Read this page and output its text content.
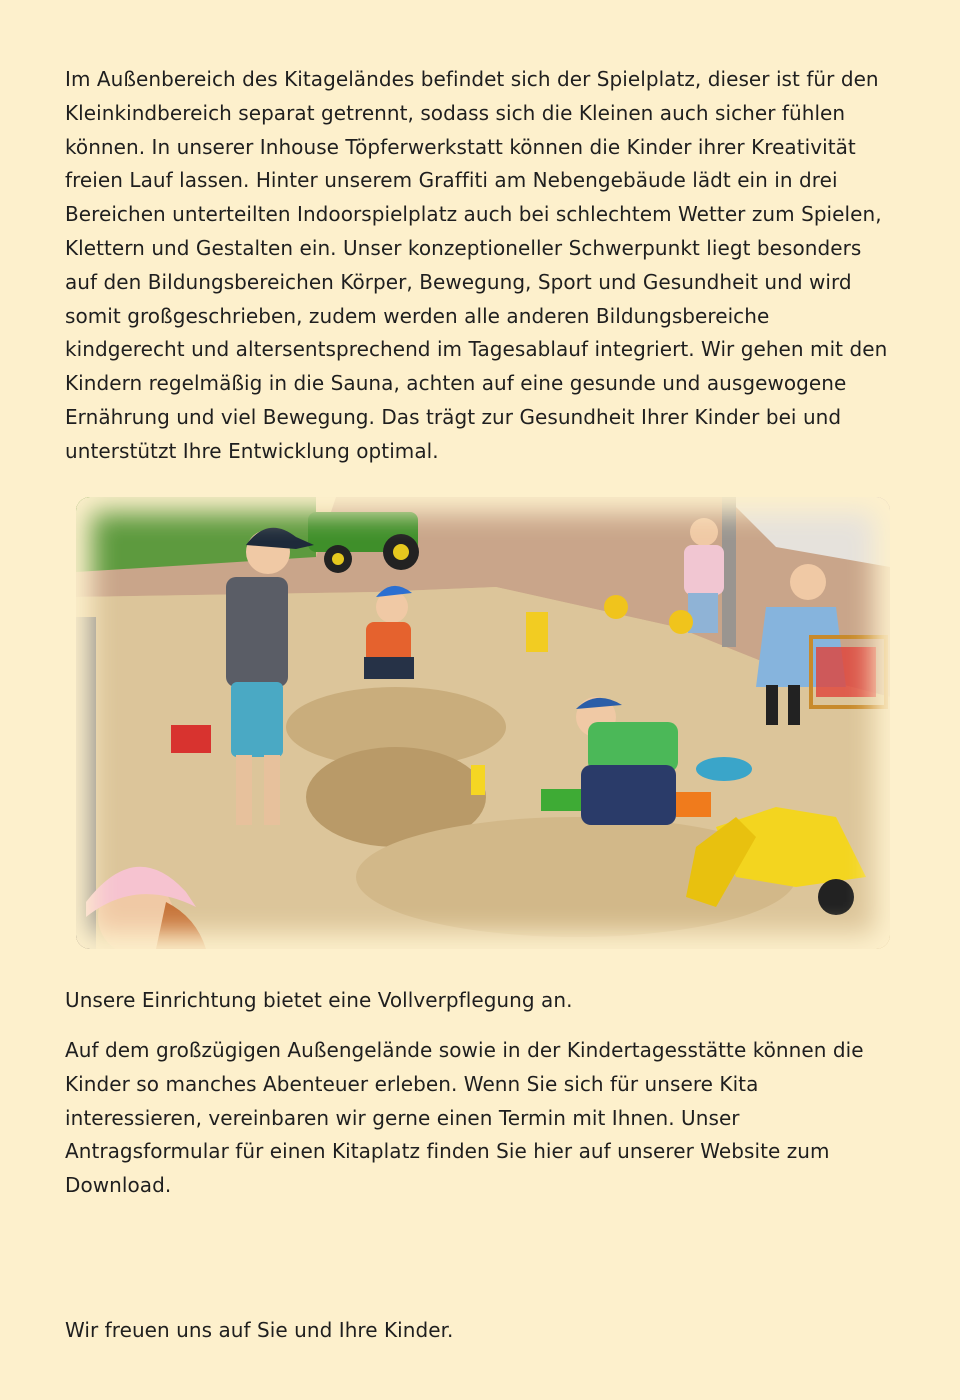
Im Außenbereich des Kitageländes befindet sich der Spielplatz, dieser ist für den Kleinkindbereich separat getrennt, sodass sich die Kleinen auch sicher fühlen können. In unserer Inhouse Töpferwerkstatt können die Kinder ihrer Kreativität freien Lauf lassen. Hinter unserem Graffiti am Nebengebäude lädt ein in drei Bereichen unterteilten Indoorspielplatz auch bei schlechtem Wetter zum Spielen, Klettern und Gestalten ein. Unser konzeptioneller Schwerpunkt liegt besonders auf den Bildungsbereichen Körper, Bewegung, Sport und Gesundheit und wird somit großgeschrieben, zudem werden alle anderen Bildungsbereiche kindgerecht und altersentsprechend im Tagesablauf integriert. Wir gehen mit den Kindern regelmäßig in die Sauna, achten auf eine gesunde und ausgewogene Ernährung und viel Bewegung. Das trägt zur Gesundheit Ihrer Kinder bei und unterstützt Ihre Entwicklung optimal.

Unsere Einrichtung bietet eine Vollverpflegung an.

Auf dem großzügigen Außengelände sowie in der Kindertagesstätte können die Kinder so manches Abenteuer erleben. Wenn Sie sich für unsere Kita interessieren, vereinbaren wir gerne einen Termin mit Ihnen. Unser Antragsformular für einen Kitaplatz finden Sie hier auf unserer Website zum Download.

Wir freuen uns auf Sie und Ihre Kinder.
